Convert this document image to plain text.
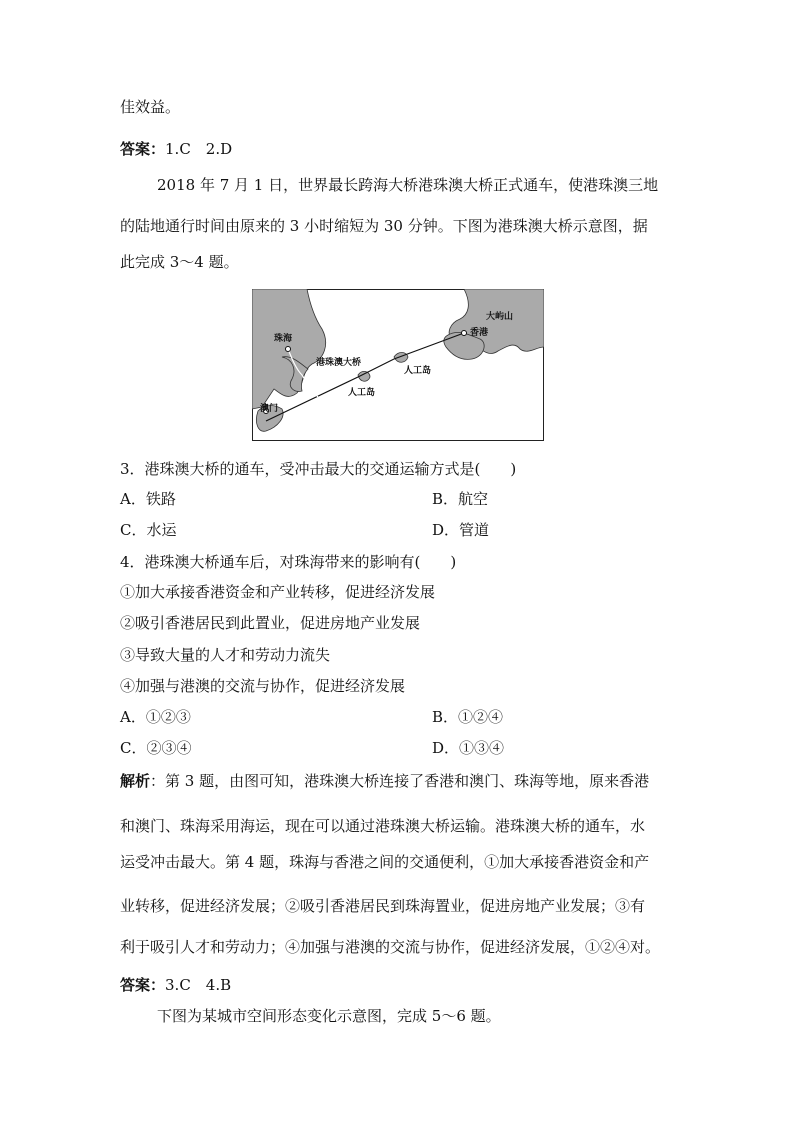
佳效益。
答案：1.C　2.D
2018 年 7 月 1 日，世界最长跨海大桥港珠澳大桥正式通车，使港珠澳三地
的陆地通行时间由原来的 3 小时缩短为 30 分钟。下图为港珠澳大桥示意图，据
此完成 3～4 题。
珠海
澳门
港珠澳大桥
人工岛
人工岛
香港
大屿山
3．港珠澳大桥的通车，受冲击最大的交通运输方式是(　　)
A．铁路	B．航空
C．水运	D．管道
4．港珠澳大桥通车后，对珠海带来的影响有(　　)
①加大承接香港资金和产业转移，促进经济发展
②吸引香港居民到此置业，促进房地产业发展
③导致大量的人才和劳动力流失
④加强与港澳的交流与协作，促进经济发展
A．①②③	B．①②④
C．②③④	D．①③④
解析：第 3 题，由图可知，港珠澳大桥连接了香港和澳门、珠海等地，原来香港
和澳门、珠海采用海运，现在可以通过港珠澳大桥运输。港珠澳大桥的通车，水
运受冲击最大。第 4 题，珠海与香港之间的交通便利，①加大承接香港资金和产
业转移，促进经济发展；②吸引香港居民到珠海置业，促进房地产业发展；③有
利于吸引人才和劳动力；④加强与港澳的交流与协作，促进经济发展，①②④对。
答案：3.C　4.B
下图为某城市空间形态变化示意图，完成 5～6 题。
